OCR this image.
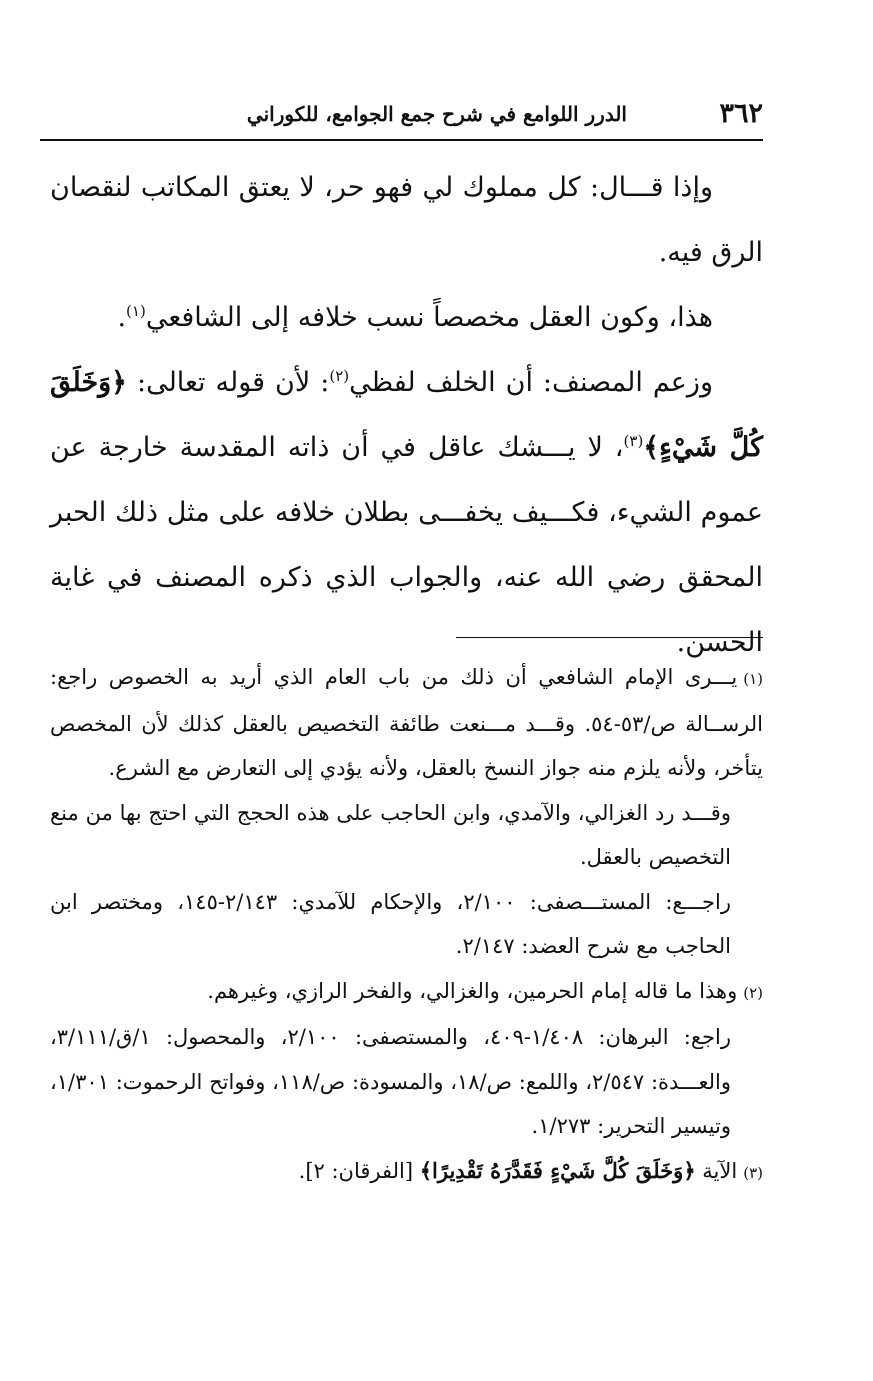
٣٦٢
الدرر اللوامع في شرح جمع الجوامع، للكوراني

وإذا قـــال: كل مملوك لي فهو حر، لا يعتق المكاتب لنقصان الرق فيه.

هذا، وكون العقل مخصصاً نسب خلافه إلى الشافعي$^{(١)}$.

وزعم المصنف: أن الخلف لفظي$^{(٢)}$: لأن قوله تعالى: ﴿وَخَلَقَ كُلَّ شَيْءٍ﴾$^{(٣)}$، لا يـــشك عاقل في أن ذاته المقدسة خارجة عن عموم الشيء، فكـــيف يخفـــى بطلان خلافه على مثل ذلك الحبر المحقق رضي الله عنه، والجواب الذي ذكره المصنف في غاية الحسن.

(١)يـــرى الإمام الشافعي أن ذلك من باب العام الذي أريد به الخصوص راجع: الرســالة ص/٥٣-٥٤. وقـــد مـــنعت طائفة التخصيص بالعقل كذلك لأن المخصص يتأخر، ولأنه يلزم منه جواز النسخ بالعقل، ولأنه يؤدي إلى التعارض مع الشرع.

وقـــد رد الغزالي، والآمدي، وابن الحاجب على هذه الحجج التي احتج بها من منع التخصيص بالعقل.

راجـــع: المستـــصفى: ٢/١٠٠، والإحكام للآمدي: ٢/١٤٣-١٤٥، ومختصر ابن الحاجب مع شرح العضد: ٢/١٤٧.

(٢)وهذا ما قاله إمام الحرمين، والغزالي، والفخر الرازي، وغيرهم.

راجع: البرهان: ١/٤٠٨-٤٠٩، والمستصفى: ٢/١٠٠، والمحصول: ١/ق/٣/١١١، والعـــدة: ٢/٥٤٧، واللمع: ص/١٨، والمسودة: ص/١١٨، وفواتح الرحموت: ١/٣٠١، وتيسير التحرير: ١/٢٧٣.

(٣)الآية ﴿وَخَلَقَ كُلَّ شَيْءٍ فَقَدَّرَهُ تَقْدِيرًا﴾ [الفرقان: ٢].
